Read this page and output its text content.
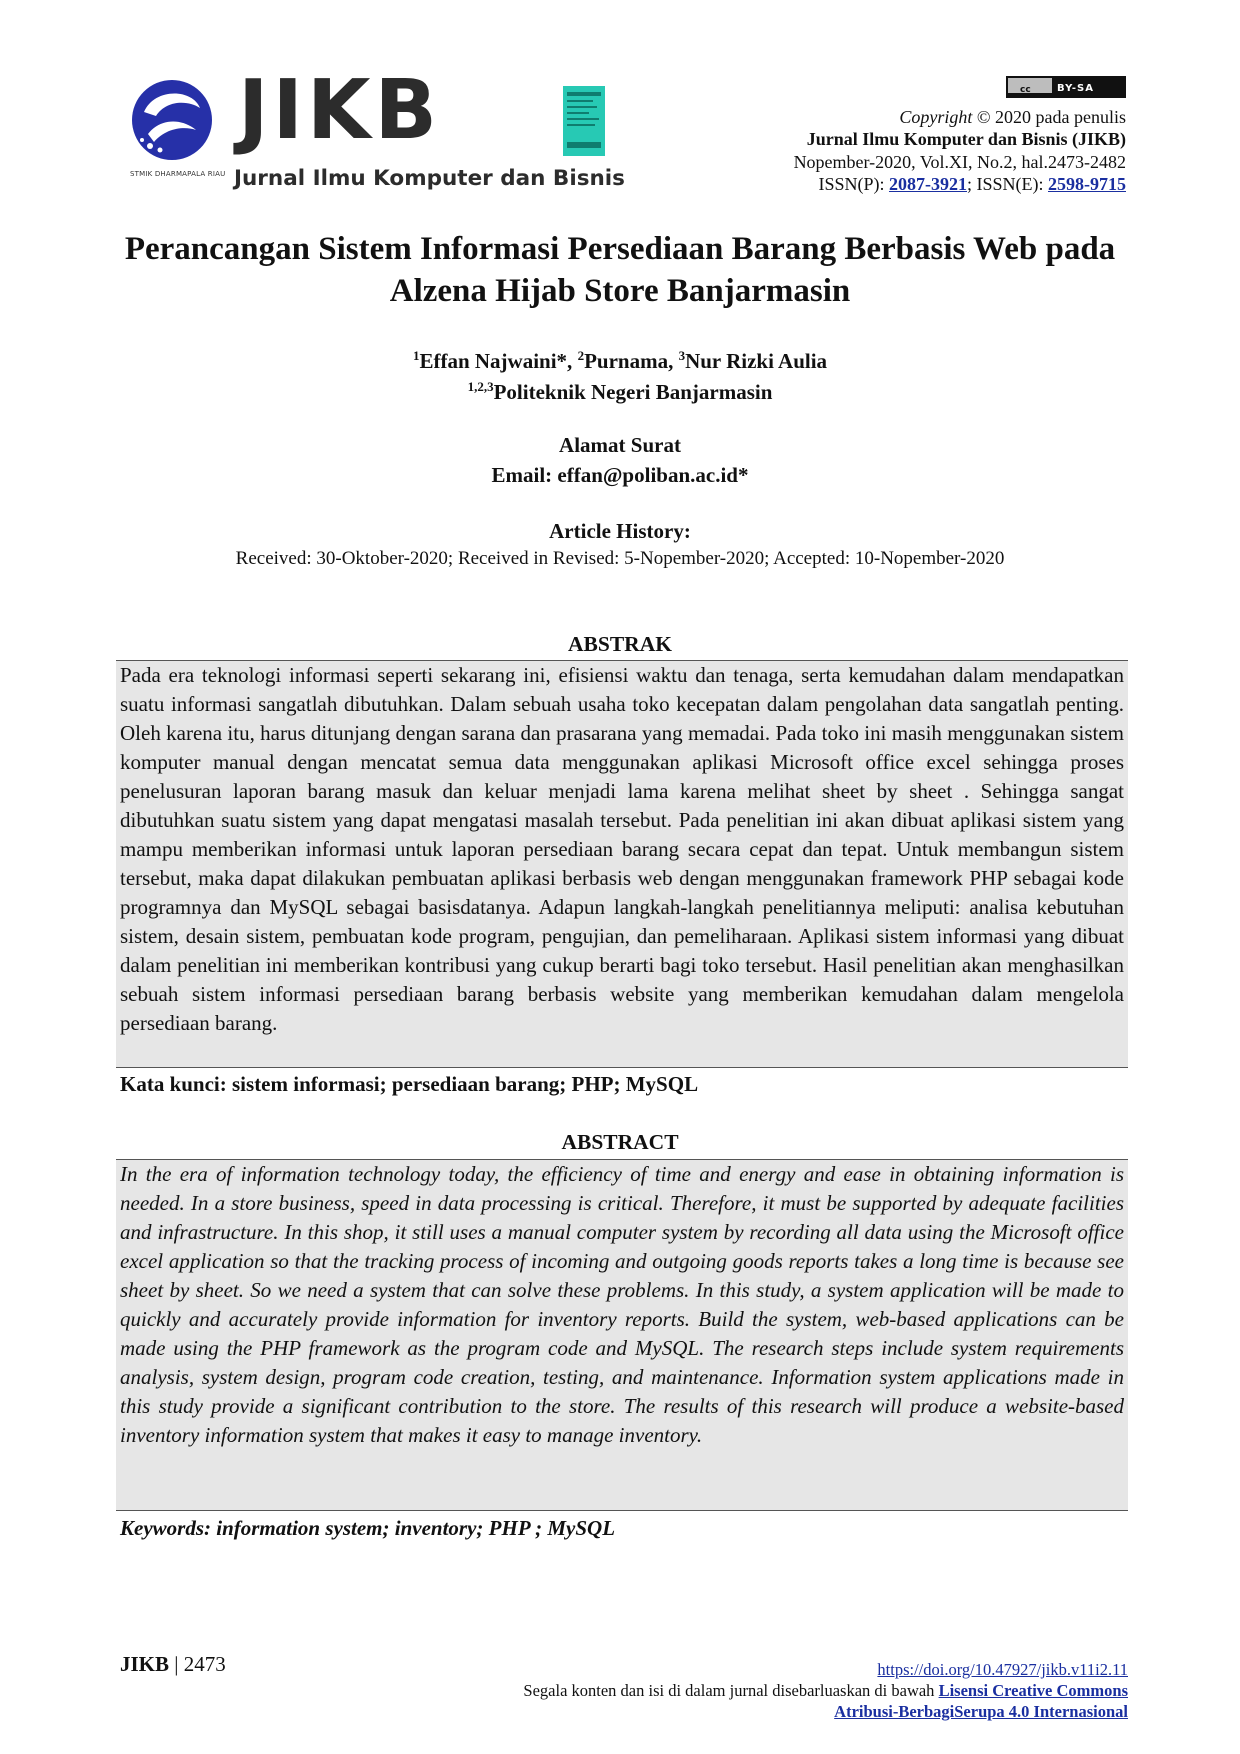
STMIK DHARMAPALA RIAU
JIKB
Jurnal Ilmu Komputer dan Bisnis
cc	BY-SA
Copyright © 2020 pada penulis
Jurnal Ilmu Komputer dan Bisnis (JIKB)
Nopember-2020, Vol.XI, No.2, hal.2473-2482
ISSN(P): 2087-3921; ISSN(E): 2598-9715
Perancangan Sistem Informasi Persediaan Barang Berbasis Web pada Alzena Hijab Store Banjarmasin
$^1$Effan Najwaini*, $^2$Purnama, $^3$Nur Rizki Aulia
$^{1,2,3}$Politeknik Negeri Banjarmasin
Alamat Surat
Email: effan@poliban.ac.id*
Article History:
Received: 30-Oktober-2020; Received in Revised: 5-Nopember-2020; Accepted: 10-Nopember-2020
ABSTRAK

Pada era teknologi informasi seperti sekarang ini, efisiensi waktu dan tenaga, serta kemudahan dalam mendapatkan suatu informasi sangatlah dibutuhkan. Dalam sebuah usaha toko kecepatan dalam pengolahan data sangatlah penting. Oleh karena itu, harus ditunjang dengan sarana dan prasarana yang memadai. Pada toko ini masih menggunakan sistem komputer manual dengan mencatat semua data menggunakan aplikasi Microsoft office excel sehingga proses penelusuran laporan barang masuk dan keluar menjadi lama karena melihat sheet by sheet . Sehingga sangat dibutuhkan suatu sistem yang dapat mengatasi masalah tersebut. Pada penelitian ini akan dibuat aplikasi sistem yang mampu memberikan informasi untuk laporan persediaan barang secara cepat dan tepat. Untuk membangun sistem tersebut, maka dapat dilakukan pembuatan aplikasi berbasis web dengan menggunakan framework PHP sebagai kode programnya dan MySQL sebagai basisdatanya. Adapun langkah-langkah penelitiannya meliputi: analisa kebutuhan sistem, desain sistem, pembuatan kode program, pengujian, dan pemeliharaan. Aplikasi sistem informasi yang dibuat dalam penelitian ini memberikan kontribusi yang cukup berarti bagi toko tersebut. Hasil penelitian akan menghasilkan sebuah sistem informasi persediaan barang berbasis website yang memberikan kemudahan dalam mengelola persediaan barang.

Kata kunci: sistem informasi; persediaan barang; PHP; MySQL
ABSTRACT

In the era of information technology today, the efficiency of time and energy and ease in obtaining information is needed. In a store business, speed in data processing is critical. Therefore, it must be supported by adequate facilities and infrastructure. In this shop, it still uses a manual computer system by recording all data using the Microsoft office excel application so that the tracking process of incoming and outgoing goods reports takes a long time is because see sheet by sheet. So we need a system that can solve these problems. In this study, a system application will be made to quickly and accurately provide information for inventory reports. Build the system, web-based applications can be made using the PHP framework as the program code and MySQL. The research steps include system requirements analysis, system design, program code creation, testing, and maintenance. Information system applications made in this study provide a significant contribution to the store. The results of this research will produce a website-based inventory information system that makes it easy to manage inventory.

Keywords: information system; inventory; PHP ; MySQL
JIKB | 2473	https://doi.org/10.47927/jikb.v11i2.11
Segala konten dan isi di dalam jurnal disebarluaskan di bawah Lisensi Creative Commons
Atribusi-BerbagiSerupa 4.0 Internasional
